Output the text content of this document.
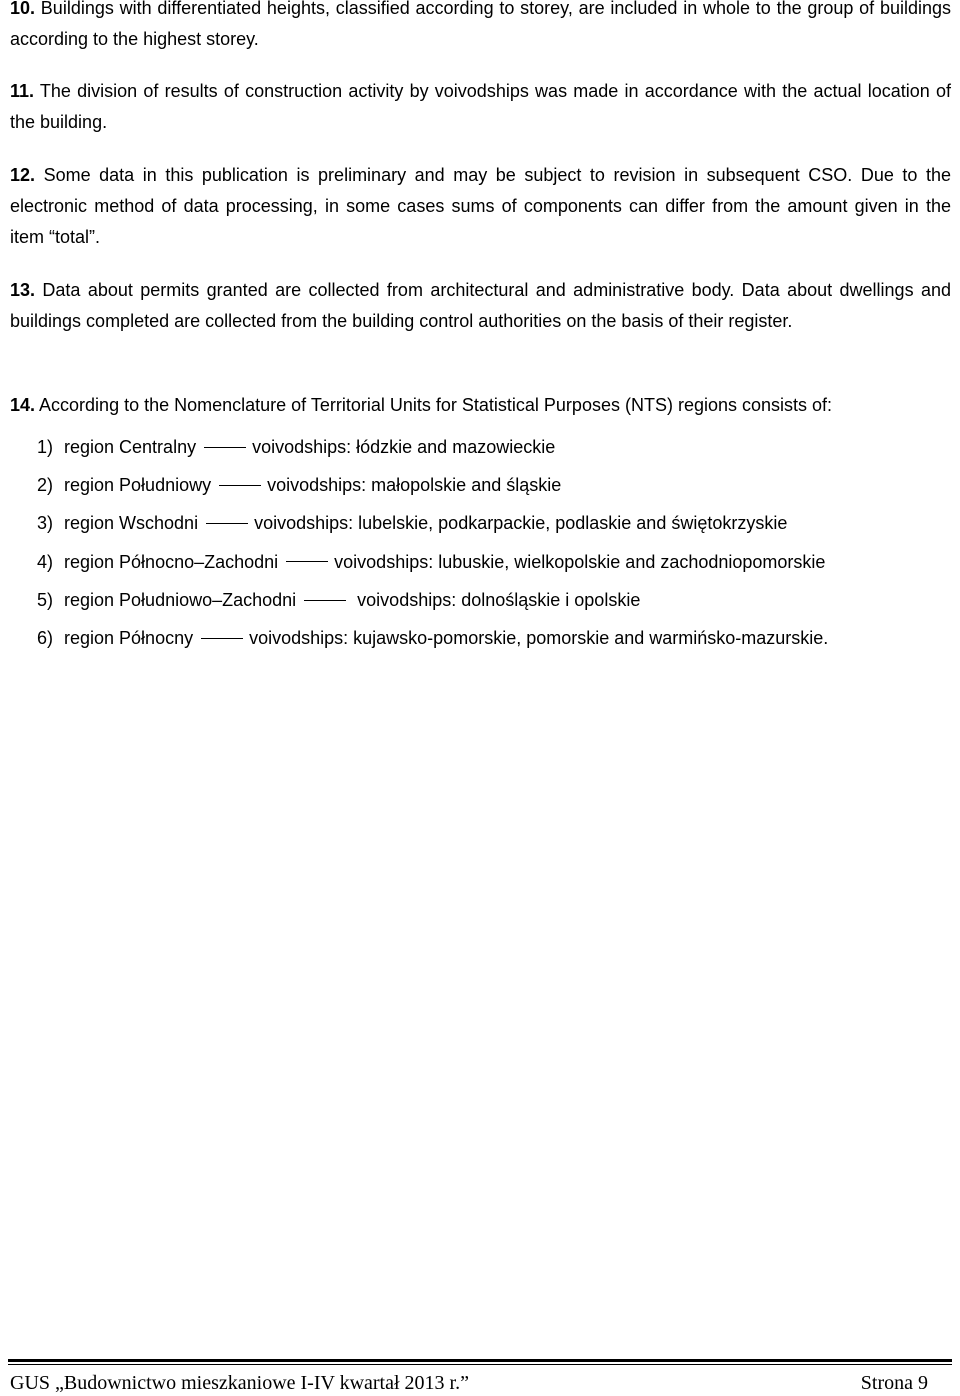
10. Buildings with differentiated heights, classified according to storey, are included in whole to the group of buildings according to the highest storey.

11. The division of results of construction activity by voivodships was made in accordance with the actual location of the building.

12. Some data in this publication is preliminary and may be subject to revision in subsequent CSO. Due to the electronic method of data processing, in some cases sums of components can differ from the amount given in the item “total”.

13. Data about permits granted are collected from architectural and administrative body. Data about dwellings and buildings completed are collected from the building control authorities on the basis of their register.

14. According to the Nomenclature of Territorial Units for Statistical Purposes (NTS) regions consists of:

1) region Centralny	voivodships: łódzkie and mazowieckie
2) region Południowy	voivodships: małopolskie and śląskie
3) region Wschodni	voivodships: lubelskie, podkarpackie, podlaskie and świętokrzyskie
4) region Północno–Zachodni	voivodships: lubuskie, wielkopolskie and zachodniopomorskie
5) region Południowo–Zachodni	voivodships: dolnośląskie i opolskie
6) region Północny	voivodships: kujawsko-pomorskie, pomorskie and warmińsko-mazurskie.
GUS „Budownictwo mieszkaniowe I-IV kwartał 2013 r.”	Strona 9
